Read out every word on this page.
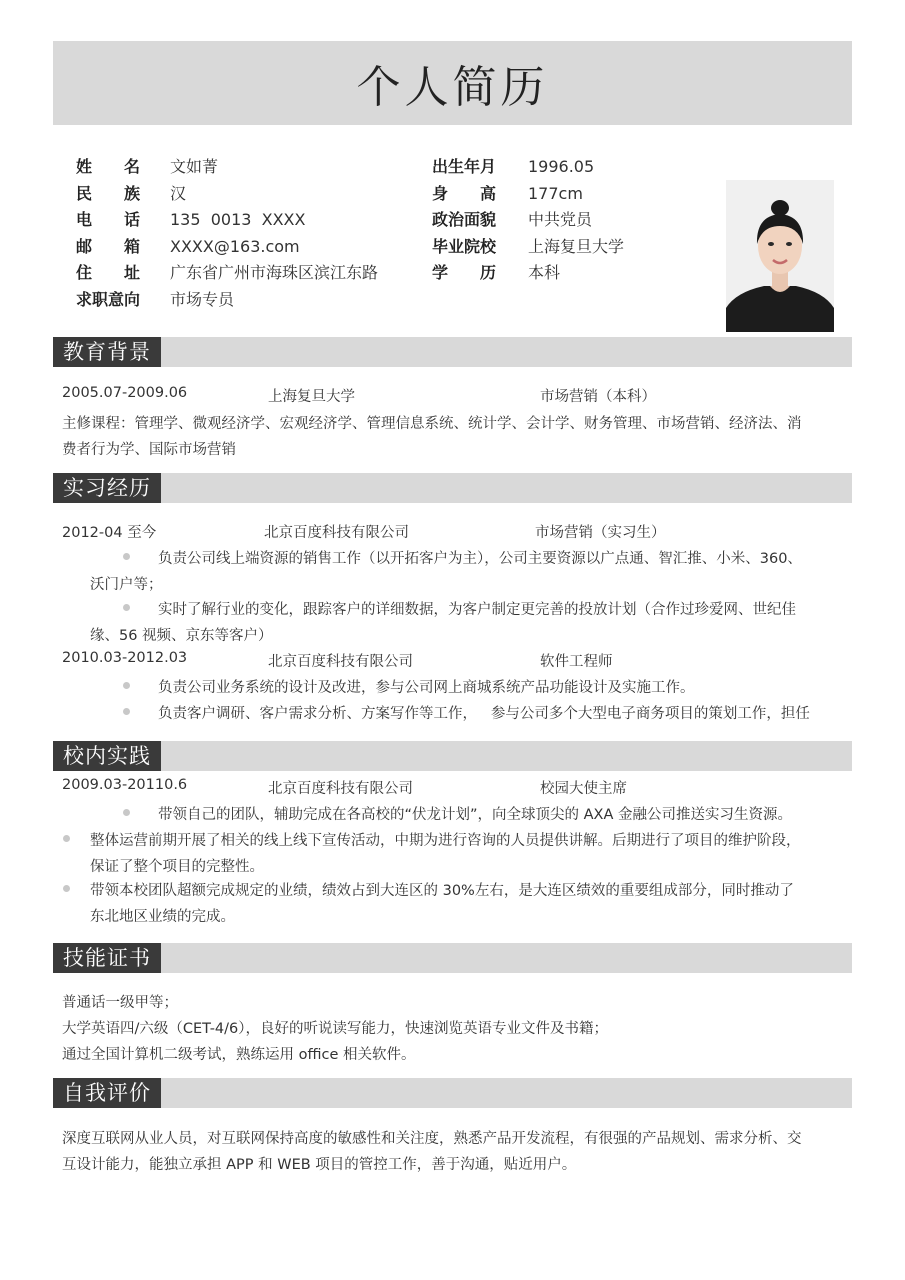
个人简历
姓 名 文如菁
民 族 汉
电 话 135  0013  XXXX
邮 箱 XXXX@163.com
住 址 广东省广州市海珠区滨江东路
求职意向	市场专员
出生年月	1996.05
身 高 177cm
政治面貌	中共党员
毕业院校	上海复旦大学
学 历 本科
教育背景
2005.07-2009.06	上海复旦大学	市场营销（本科）
主修课程：管理学、微观经济学、宏观经济学、管理信息系统、统计学、会计学、财务管理、市场营销、经济法、消
费者行为学、国际市场营销
实习经历
2012-04 至今	北京百度科技有限公司	市场营销（实习生）
负责公司线上端资源的销售工作（以开拓客户为主），公司主要资源以广点通、智汇推、小米、360、
沃门户等；
实时了解行业的变化，跟踪客户的详细数据，为客户制定更完善的投放计划（合作过珍爱网、世纪佳
缘、56 视频、京东等客户）
2010.03-2012.03	北京百度科技有限公司	软件工程师
负责公司业务系统的设计及改进，参与公司网上商城系统产品功能设计及实施工作。
负责客户调研、客户需求分析、方案写作等工作，   参与公司多个大型电子商务项目的策划工作，担任
校内实践
2009.03-20110.6	北京百度科技有限公司	校园大使主席
带领自己的团队，辅助完成在各高校的“伏龙计划”，向全球顶尖的 AXA 金融公司推送实习生资源。
整体运营前期开展了相关的线上线下宣传活动，中期为进行咨询的人员提供讲解。后期进行了项目的维护阶段，
保证了整个项目的完整性。
带领本校团队超额完成规定的业绩，绩效占到大连区的 30%左右，是大连区绩效的重要组成部分，同时推动了
东北地区业绩的完成。
技能证书
普通话一级甲等；
大学英语四/六级（CET-4/6），良好的听说读写能力，快速浏览英语专业文件及书籍；
通过全国计算机二级考试，熟练运用 office 相关软件。
自我评价
深度互联网从业人员，对互联网保持高度的敏感性和关注度，熟悉产品开发流程，有很强的产品规划、需求分析、交
互设计能力，能独立承担 APP 和 WEB 项目的管控工作，善于沟通，贴近用户。
